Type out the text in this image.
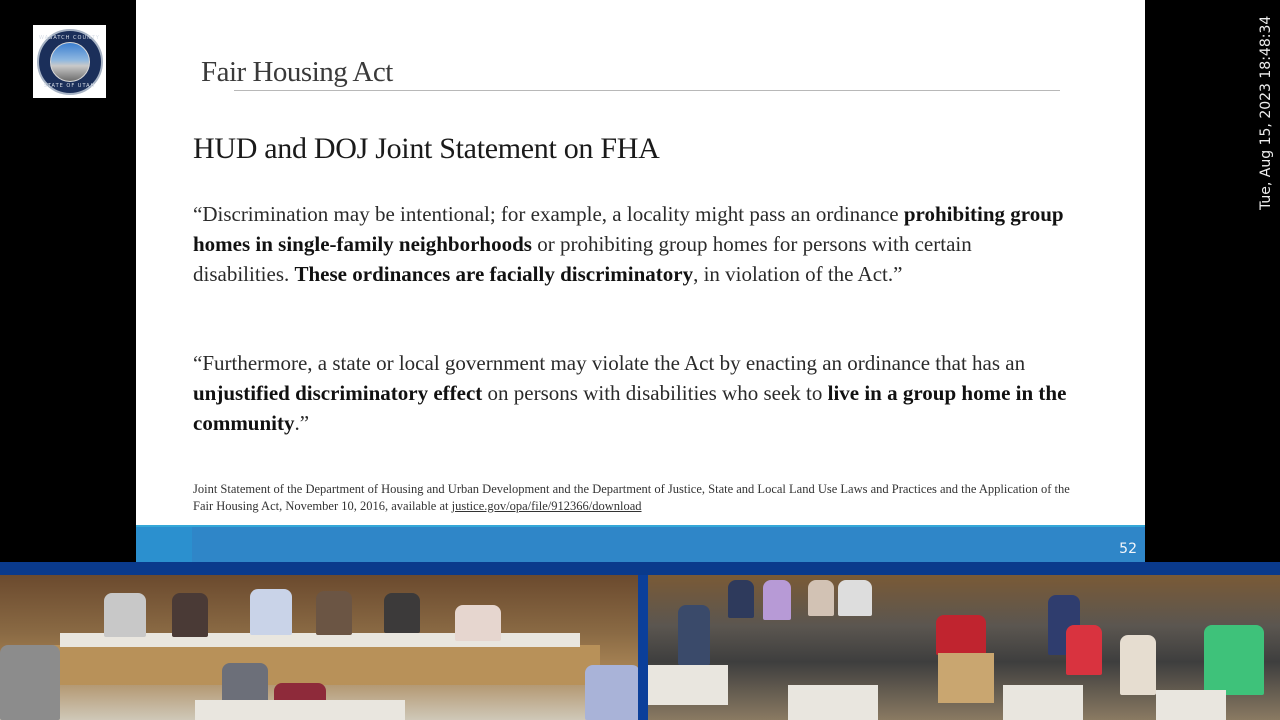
WASATCH COUNTY
STATE OF UTAH	Tue, Aug 15, 2023 18:48:34
Fair Housing Act
HUD and DOJ Joint Statement on FHA
“Discrimination may be intentional; for example, a locality might pass an ordinance prohibiting group homes in single-family neighborhoods or prohibiting group homes for persons with certain disabilities. These ordinances are facially discriminatory, in violation of the Act.”
“Furthermore, a state or local government may violate the Act by enacting an ordinance that has an unjustified discriminatory effect on persons with disabilities who seek to live in a group home in the community.”
Joint Statement of the Department of Housing and Urban Development and the Department of Justice, State and Local Land Use Laws and Practices and the Application of the Fair Housing Act, November 10, 2016, available at justice.gov/opa/file/912366/download
52
